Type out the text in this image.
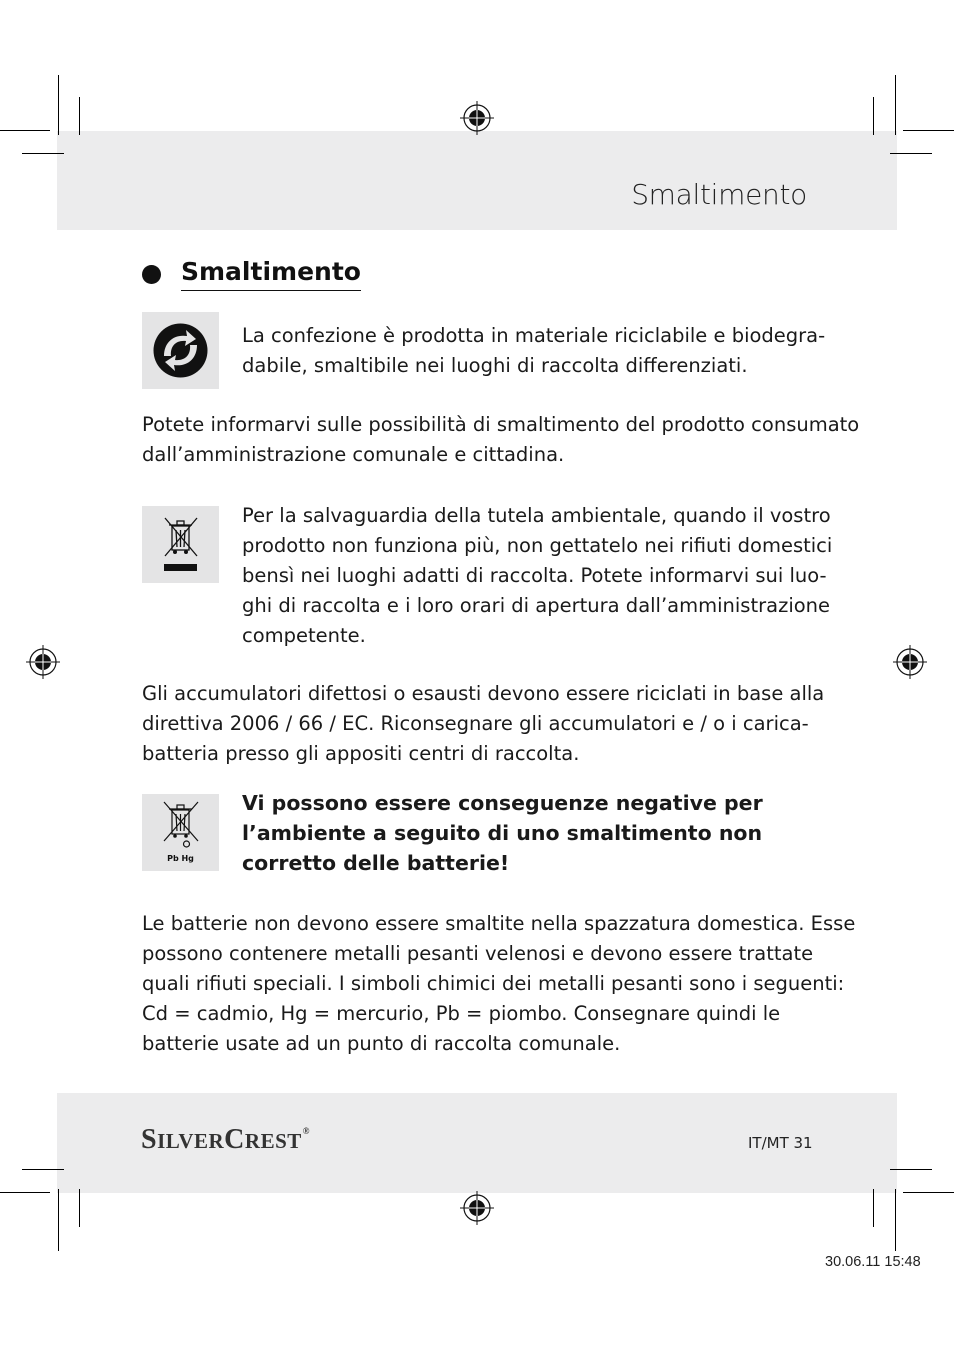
Smaltimento
Smaltimento
La confezione è prodotta in materiale riciclabile e biodegra-
dabile, smaltibile nei luoghi di raccolta differenziati.
Potete informarvi sulle possibilità di smaltimento del prodotto consumato
dall’amministrazione comunale e cittadina.
Per la salvaguardia della tutela ambientale, quando il vostro
prodotto non funziona più, non gettatelo nei rifiuti domestici
bensì nei luoghi adatti di raccolta. Potete informarvi sui luo-
ghi di raccolta e i loro orari di apertura dall’amministrazione
competente.
Gli accumulatori difettosi o esausti devono essere riciclati in base alla
direttiva 2006 / 66 / EC. Riconsegnare gli accumulatori e / o i carica-
batteria presso gli appositi centri di raccolta.
Pb Hg
Vi possono essere conseguenze negative per
l’ambiente a seguito di uno smaltimento non
corretto delle batterie!
Le batterie non devono essere smaltite nella spazzatura domestica. Esse
possono contenere metalli pesanti velenosi e devono essere trattate
quali rifiuti speciali. I simboli chimici dei metalli pesanti sono i seguenti:
Cd = cadmio, Hg = mercurio, Pb = piombo. Consegnare quindi le
batterie usate ad un punto di raccolta comunale.
SILVERCREST®
IT/MT 31
30.06.11 15:48
